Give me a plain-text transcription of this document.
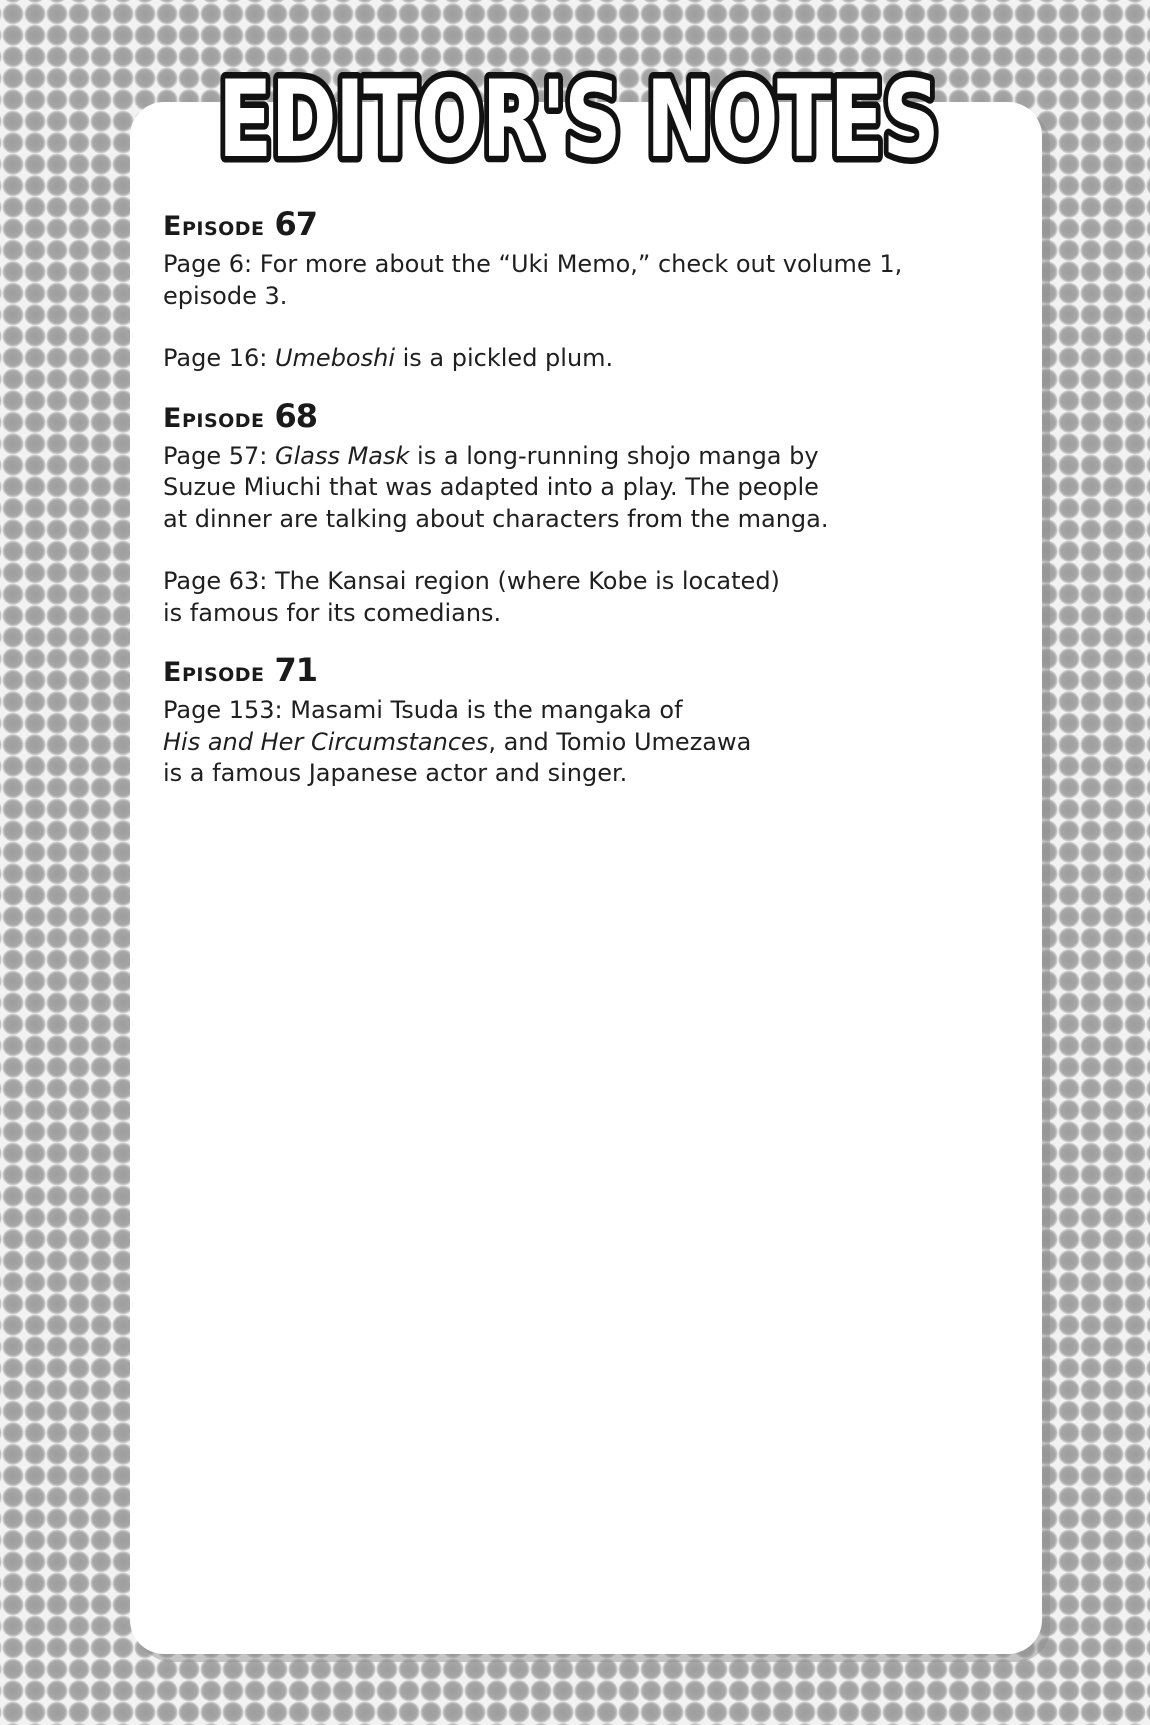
EDITOR'S NOTES
Episode 67

Page 6: For more about the “Uki Memo,” check out volume 1,
episode 3.

Page 16: Umeboshi is a pickled plum.

Episode 68

Page 57: Glass Mask is a long-running shojo manga by
Suzue Miuchi that was adapted into a play. The people
at dinner are talking about characters from the manga.

Page 63: The Kansai region (where Kobe is located)
is famous for its comedians.

Episode 71

Page 153: Masami Tsuda is the mangaka of
His and Her Circumstances, and Tomio Umezawa
is a famous Japanese actor and singer.
